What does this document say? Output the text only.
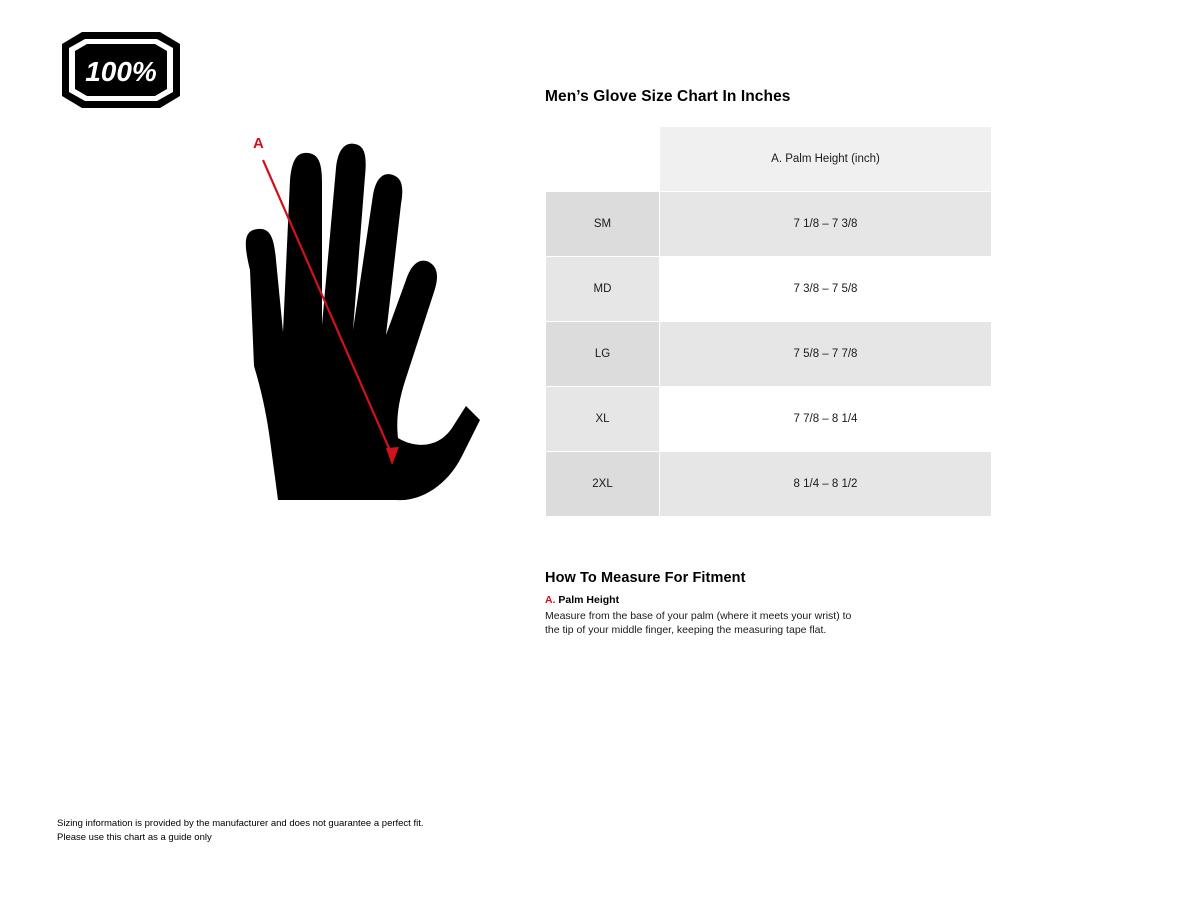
100%
A
Men’s Glove Size Chart In Inches
	A. Palm Height (inch)
SM	7 1/8 – 7 3/8
MD	7 3/8 – 7 5/8
LG	7 5/8 – 7 7/8
XL	7 7/8 – 8 1/4
2XL	8 1/4 – 8 1/2
How To Measure For Fitment

A. Palm Height

Measure from the base of your palm (where it meets your wrist) to the tip of your middle finger, keeping the measuring tape flat.

Sizing information is provided by the manufacturer and does not guarantee a perfect fit.

Please use this chart as a guide only
